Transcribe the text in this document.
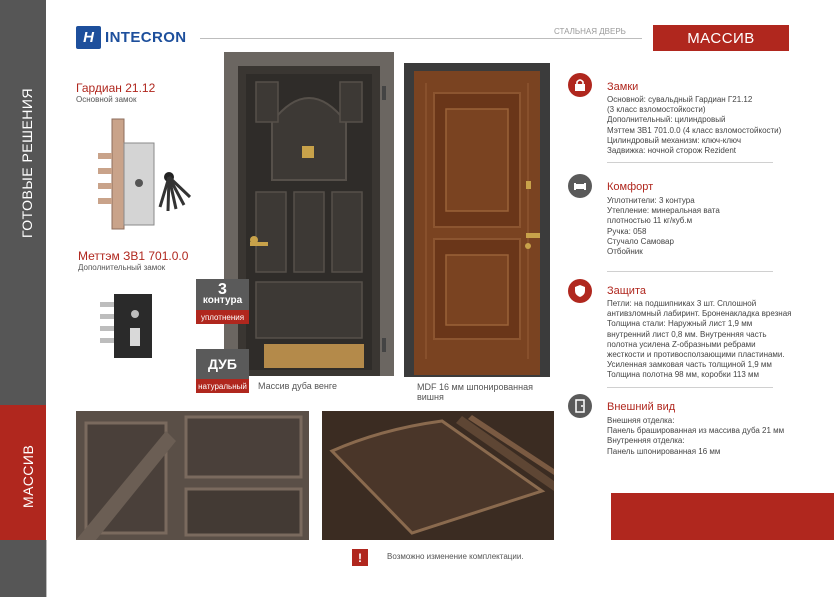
ГОТОВЫЕ РЕШЕНИЯ
МАССИВ
H INTECRON	СТАЛЬНАЯ ДВЕРЬ	МАССИВ
Гардиан 21.12
Основной замок
Меттэм ЗВ1 701.0.0
Дополнительный замок
3
контура
уплотнения
ДУБ
натуральный Массив дуба венге	MDF 16 мм шпонированная
вишня
Замки
Основной: сувальдный Гардиан Г21.12
(3 класс взломостойкости)
Дополнительный: цилиндровый
Мэттем ЗВ1 701.0.0 (4 класс взломостойкости)
Цилиндровый механизм: ключ-ключ
Задвижка: ночной сторож Rezident
Комфорт
Уплотнители: 3 контура
Утепление: минеральная вата
плотностью 11 кг/куб.м
Ручка: 058
Стучало Самовар
Отбойник
Защита
Петли: на подшипниках 3 шт. Сплошной
антивзломный лабиринт. Броненакладка врезная
Толщина стали: Наружный лист 1,9 мм
внутренний лист 0,8 мм. Внутренняя часть
полотна усилена Z-образными ребрами
жесткости и противосползающими пластинами.
Усиленная замковая часть толщиной 1,9 мм
Толщина полотна 98 мм, коробки 113 мм
Внешний вид
Внешняя отделка:
Панель брашированная из массива дуба 21 мм
Внутренняя отделка:
Панель шпонированная 16 мм
!	Возможно изменение комплектации.
